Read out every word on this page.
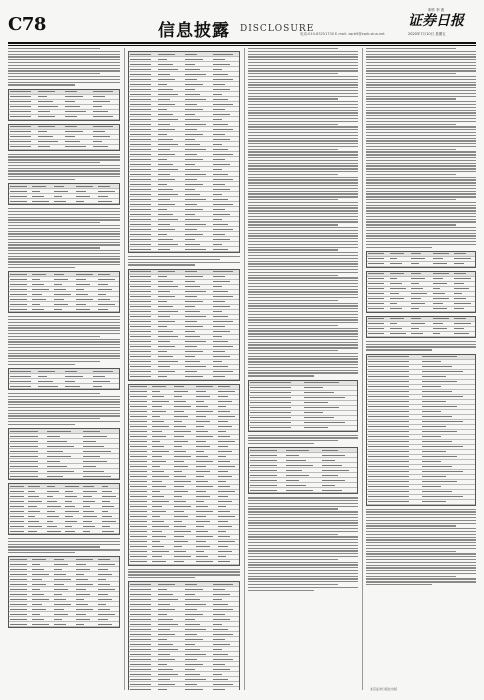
C78	信息披露 DISCLOSURE
制作 李 波
证券日报
电话:010-83251730 E-mail: zqrb9@zqrb.sina.net	2020年7月10日 星期五
北京证券日报社出版
